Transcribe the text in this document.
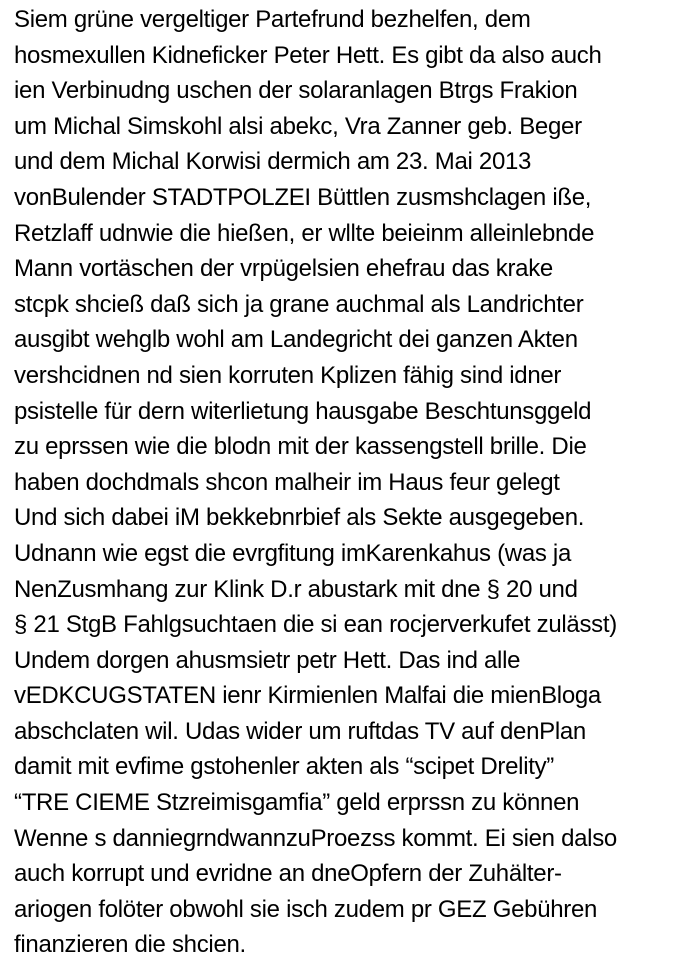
Siem grüne vergeltiger Partefrund bezhelfen, dem
hosmexullen Kidneficker Peter Hett. Es gibt da also auch
ien Verbinudng uschen der solaranlagen Btrgs Frakion
um Michal Simskohl alsi abekc, Vra Zanner geb. Beger
und dem Michal Korwisi dermich am 23. Mai 2013
vonBulender STADTPOLZEI Büttlen zusmshclagen iße,
Retzlaff udnwie die hießen, er wllte beieinm alleinlebnde
Mann vortäschen der vrpügelsien ehefrau das krake
stcpk shcieß daß sich ja grane auchmal als Landrichter
ausgibt wehglb wohl am Landegricht dei ganzen Akten
vershcidnen nd sien korruten Kplizen fähig sind idner
psistelle für dern witerlietung hausgabe Beschtunsggeld
zu eprssen wie die blodn mit der kassengstell brille. Die
haben dochdmals shcon malheir im Haus feur gelegt
Und sich dabei iM bekkebnrbief als Sekte ausgegeben.
Udnann wie egst die evrgfitung imKarenkahus (was ja
NenZusmhang zur Klink D.r abustark mit dne § 20 und
§ 21 StgB Fahlgsuchtaen die si ean rocjerverkufet zulässt)
Undem dorgen ahusmsietr petr Hett. Das ind alle
vEDKCUGSTATEN ienr Kirmienlen Malfai die mienBloga
abschclaten wil. Udas wider um ruftdas TV auf denPlan
damit mit evfime gstohenler akten als “scipet Drelity”
“TRE CIEME Stzreimisgamfia” geld erprssn zu können
Wenne s danniegrndwannzuProezss kommt. Ei sien dalso
auch korrupt und evridne an dneOpfern der Zuhälter-
ariogen folöter obwohl sie isch zudem pr GEZ Gebühren
finanzieren die shcien.
